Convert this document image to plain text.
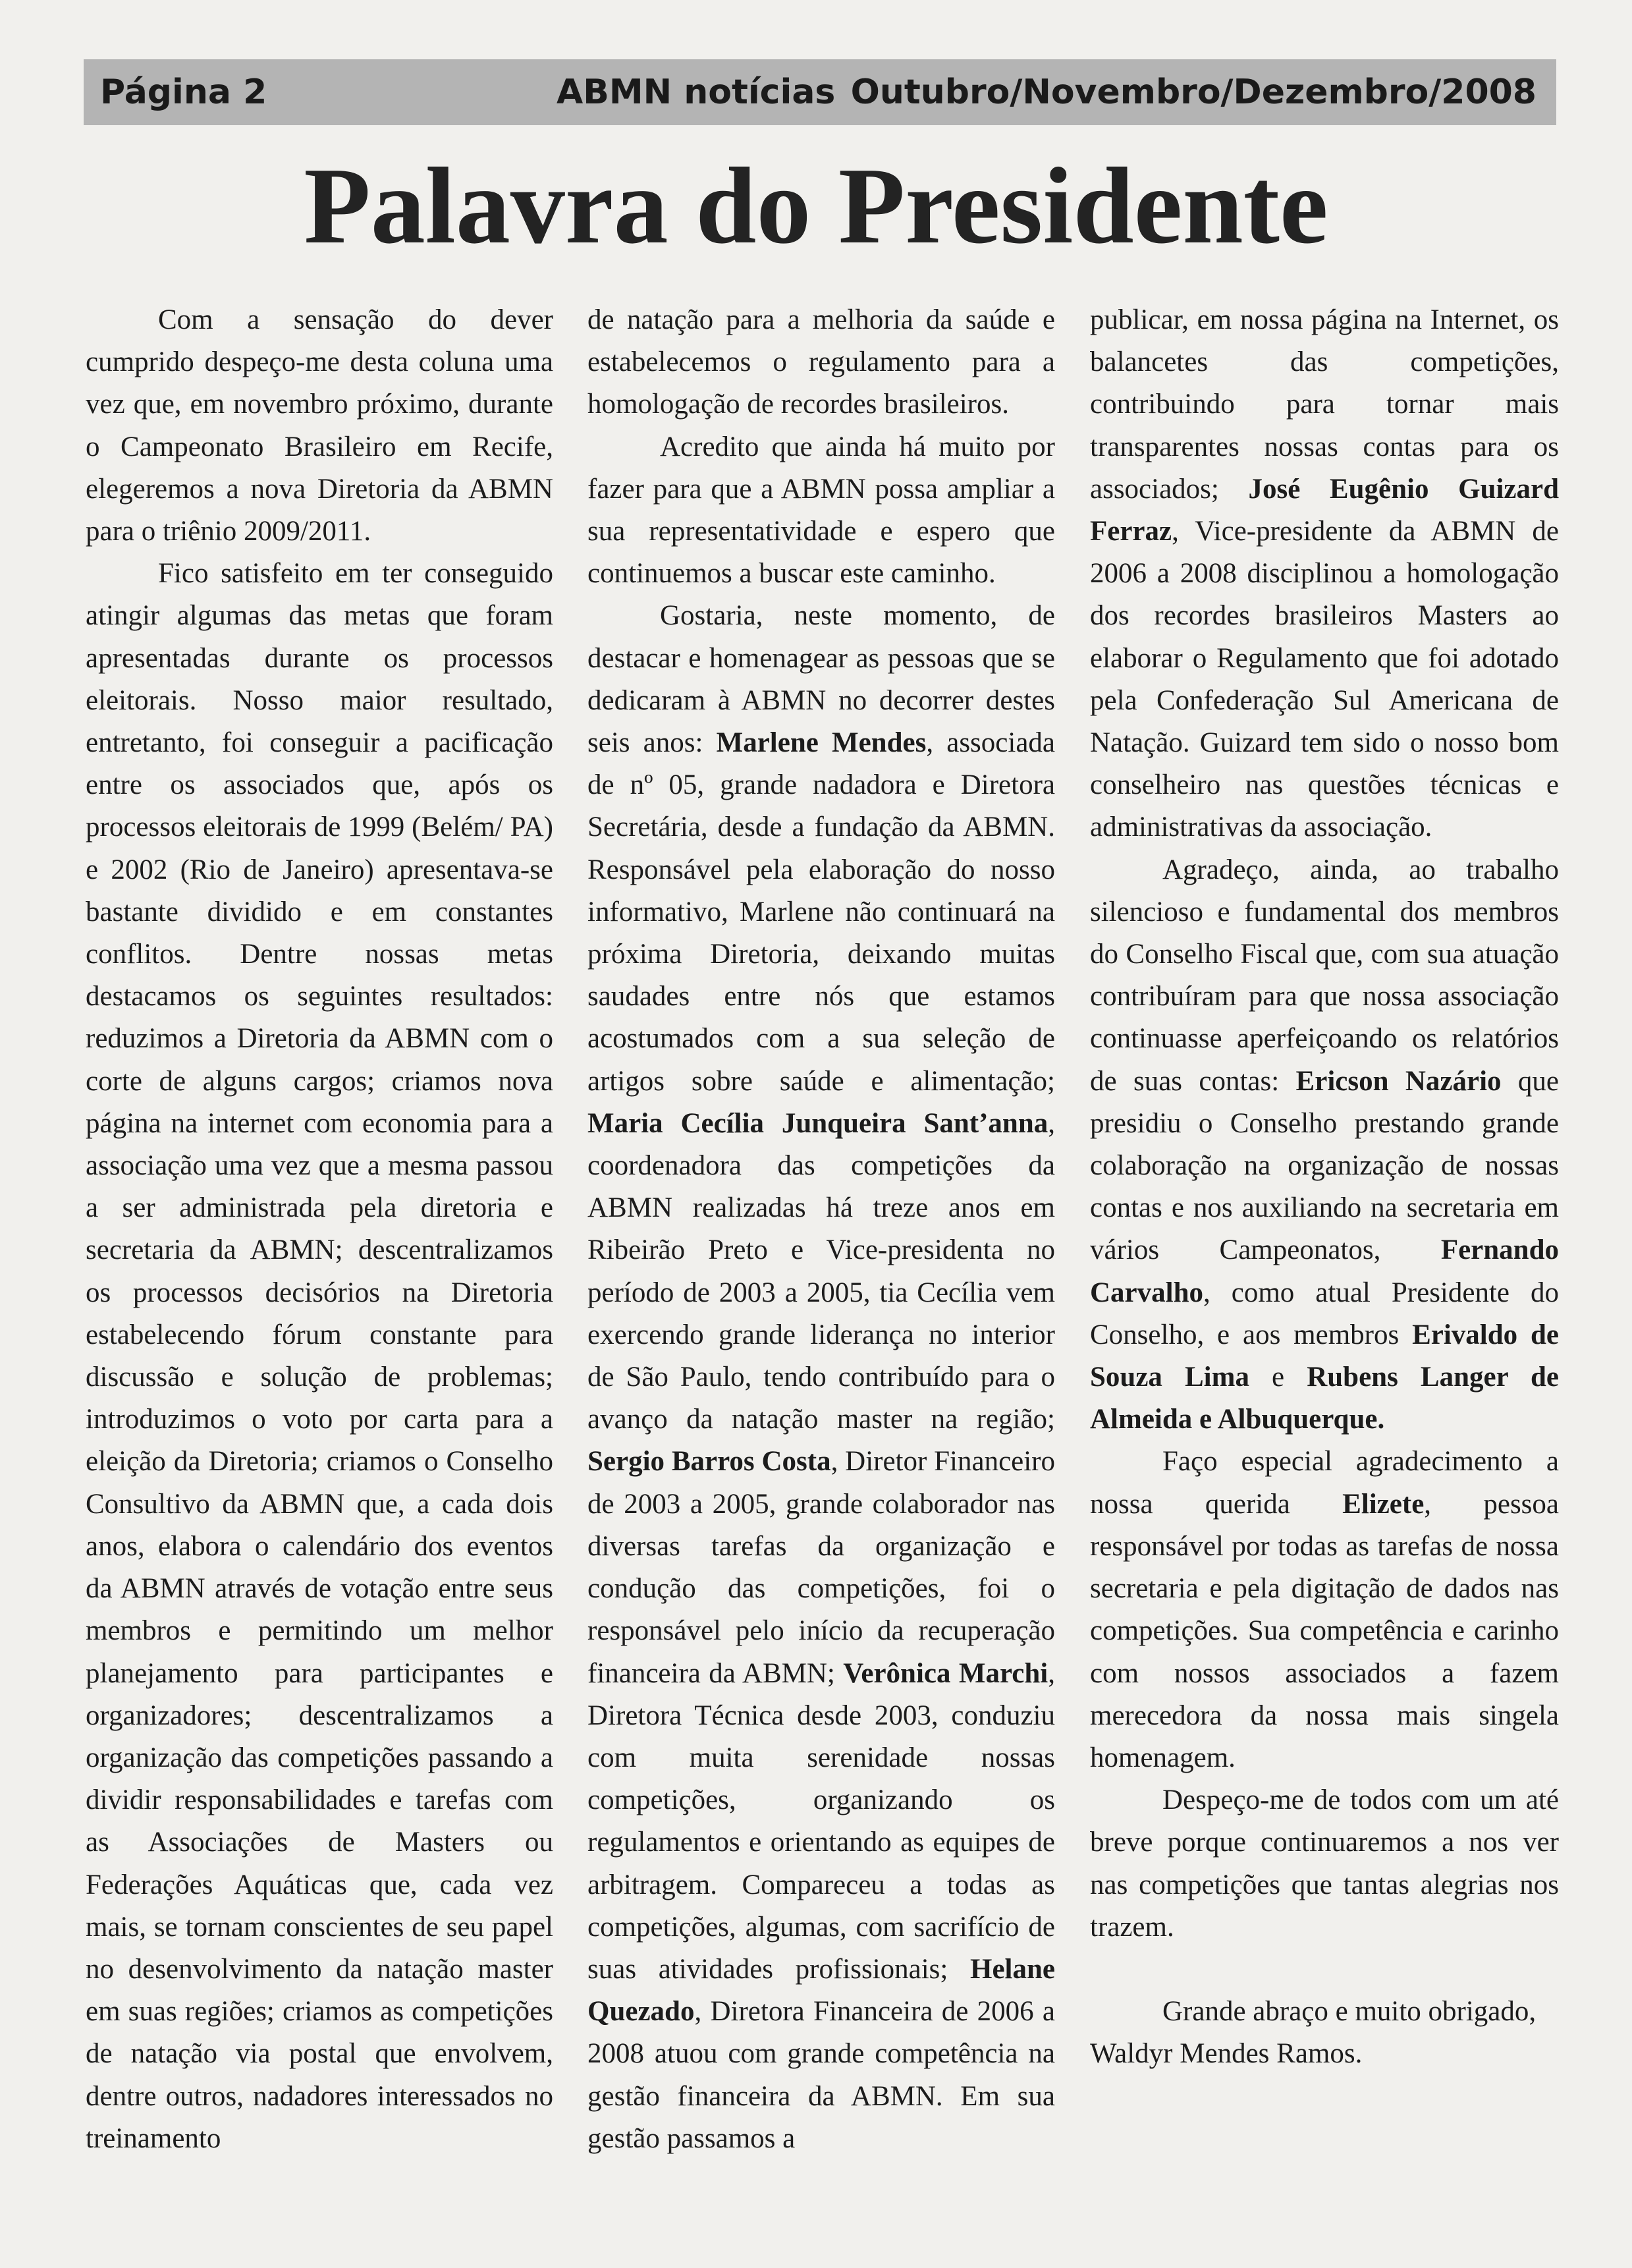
Página 2	ABMN notícias Outubro/Novembro/Dezembro/2008
Palavra do Presidente

Com a sensação do dever cumprido despeço-me desta coluna uma vez que, em novembro próximo, durante o Campeonato Brasileiro em Recife, elegeremos a nova Diretoria da ABMN para o triênio 2009/2011.

Fico satisfeito em ter conseguido atingir algumas das metas que foram apresentadas durante os processos eleitorais. Nosso maior resultado, entretanto, foi conseguir a pacificação entre os associados que, após os processos eleitorais de 1999 (Belém/ PA) e 2002 (Rio de Janeiro) apresentava-se bastante dividido e em constantes conflitos. Dentre nossas metas destacamos os seguintes resultados: reduzimos a Diretoria da ABMN com o corte de alguns cargos; criamos nova página na internet com economia para a associação uma vez que a mesma passou a ser administrada pela diretoria e secretaria da ABMN; descentralizamos os processos decisórios na Diretoria estabelecendo fórum constante para discussão e solução de problemas; introduzimos o voto por carta para a eleição da Diretoria; criamos o Conselho Consultivo da ABMN que, a cada dois anos, elabora o calendário dos eventos da ABMN através de votação entre seus membros e permitindo um melhor planejamento para participantes e organizadores; descentralizamos a organização das competições passando a dividir responsabilidades e tarefas com as Associações de Masters ou Federações Aquáticas que, cada vez mais, se tornam conscientes de seu papel no desenvolvimento da natação master em suas regiões; criamos as competições de natação via postal que envolvem, dentre outros, nadadores interessados no treinamento

de natação para a melhoria da saúde e estabelecemos o regulamento para a homologação de recordes brasileiros.

Acredito que ainda há muito por fazer para que a ABMN possa ampliar a sua representatividade e espero que continuemos a buscar este caminho.

Gostaria, neste momento, de destacar e homenagear as pessoas que se dedicaram à ABMN no decorrer destes seis anos: Marlene Mendes, associada de nº 05, grande nadadora e Diretora Secretária, desde a fundação da ABMN. Responsável pela elaboração do nosso informativo, Marlene não continuará na próxima Diretoria, deixando muitas saudades entre nós que estamos acostumados com a sua seleção de artigos sobre saúde e alimentação; Maria Cecília Junqueira Sant’anna, coordenadora das competições da ABMN realizadas há treze anos em Ribeirão Preto e Vice-presidenta no período de 2003 a 2005, tia Cecília vem exercendo grande liderança no interior de São Paulo, tendo contribuído para o avanço da natação master na região; Sergio Barros Costa, Diretor Financeiro de 2003 a 2005, grande colaborador nas diversas tarefas da organização e condução das competições, foi o responsável pelo início da recuperação financeira da ABMN; Verônica Marchi, Diretora Técnica desde 2003, conduziu com muita serenidade nossas competições, organizando os regulamentos e orientando as equipes de arbitragem. Compareceu a todas as competições, algumas, com sacrifício de suas atividades profissionais; Helane Quezado, Diretora Financeira de 2006 a 2008 atuou com grande competência na gestão financeira da ABMN. Em sua gestão passamos a

publicar, em nossa página na Internet, os balancetes das competições, contribuindo para tornar mais transparentes nossas contas para os associados; José Eugênio Guizard Ferraz, Vice-presidente da ABMN de 2006 a 2008 disciplinou a homologação dos recordes brasileiros Masters ao elaborar o Regulamento que foi adotado pela Confederação Sul Americana de Natação. Guizard tem sido o nosso bom conselheiro nas questões técnicas e administrativas da associação.

Agradeço, ainda, ao trabalho silencioso e fundamental dos membros do Conselho Fiscal que, com sua atuação contribuíram para que nossa associação continuasse aperfeiçoando os relatórios de suas contas: Ericson Nazário que presidiu o Conselho prestando grande colaboração na organização de nossas contas e nos auxiliando na secretaria em vários Campeonatos, Fernando Carvalho, como atual Presidente do Conselho, e aos membros Erivaldo de Souza Lima e Rubens Langer de Almeida e Albuquerque.

Faço especial agradecimento a nossa querida Elizete, pessoa responsável por todas as tarefas de nossa secretaria e pela digitação de dados nas competições. Sua competência e carinho com nossos associados a fazem merecedora da nossa mais singela homenagem.

Despeço-me de todos com um até breve porque continuaremos a nos ver nas competições que tantas alegrias nos trazem.

Grande abraço e muito obrigado,

Waldyr Mendes Ramos.
